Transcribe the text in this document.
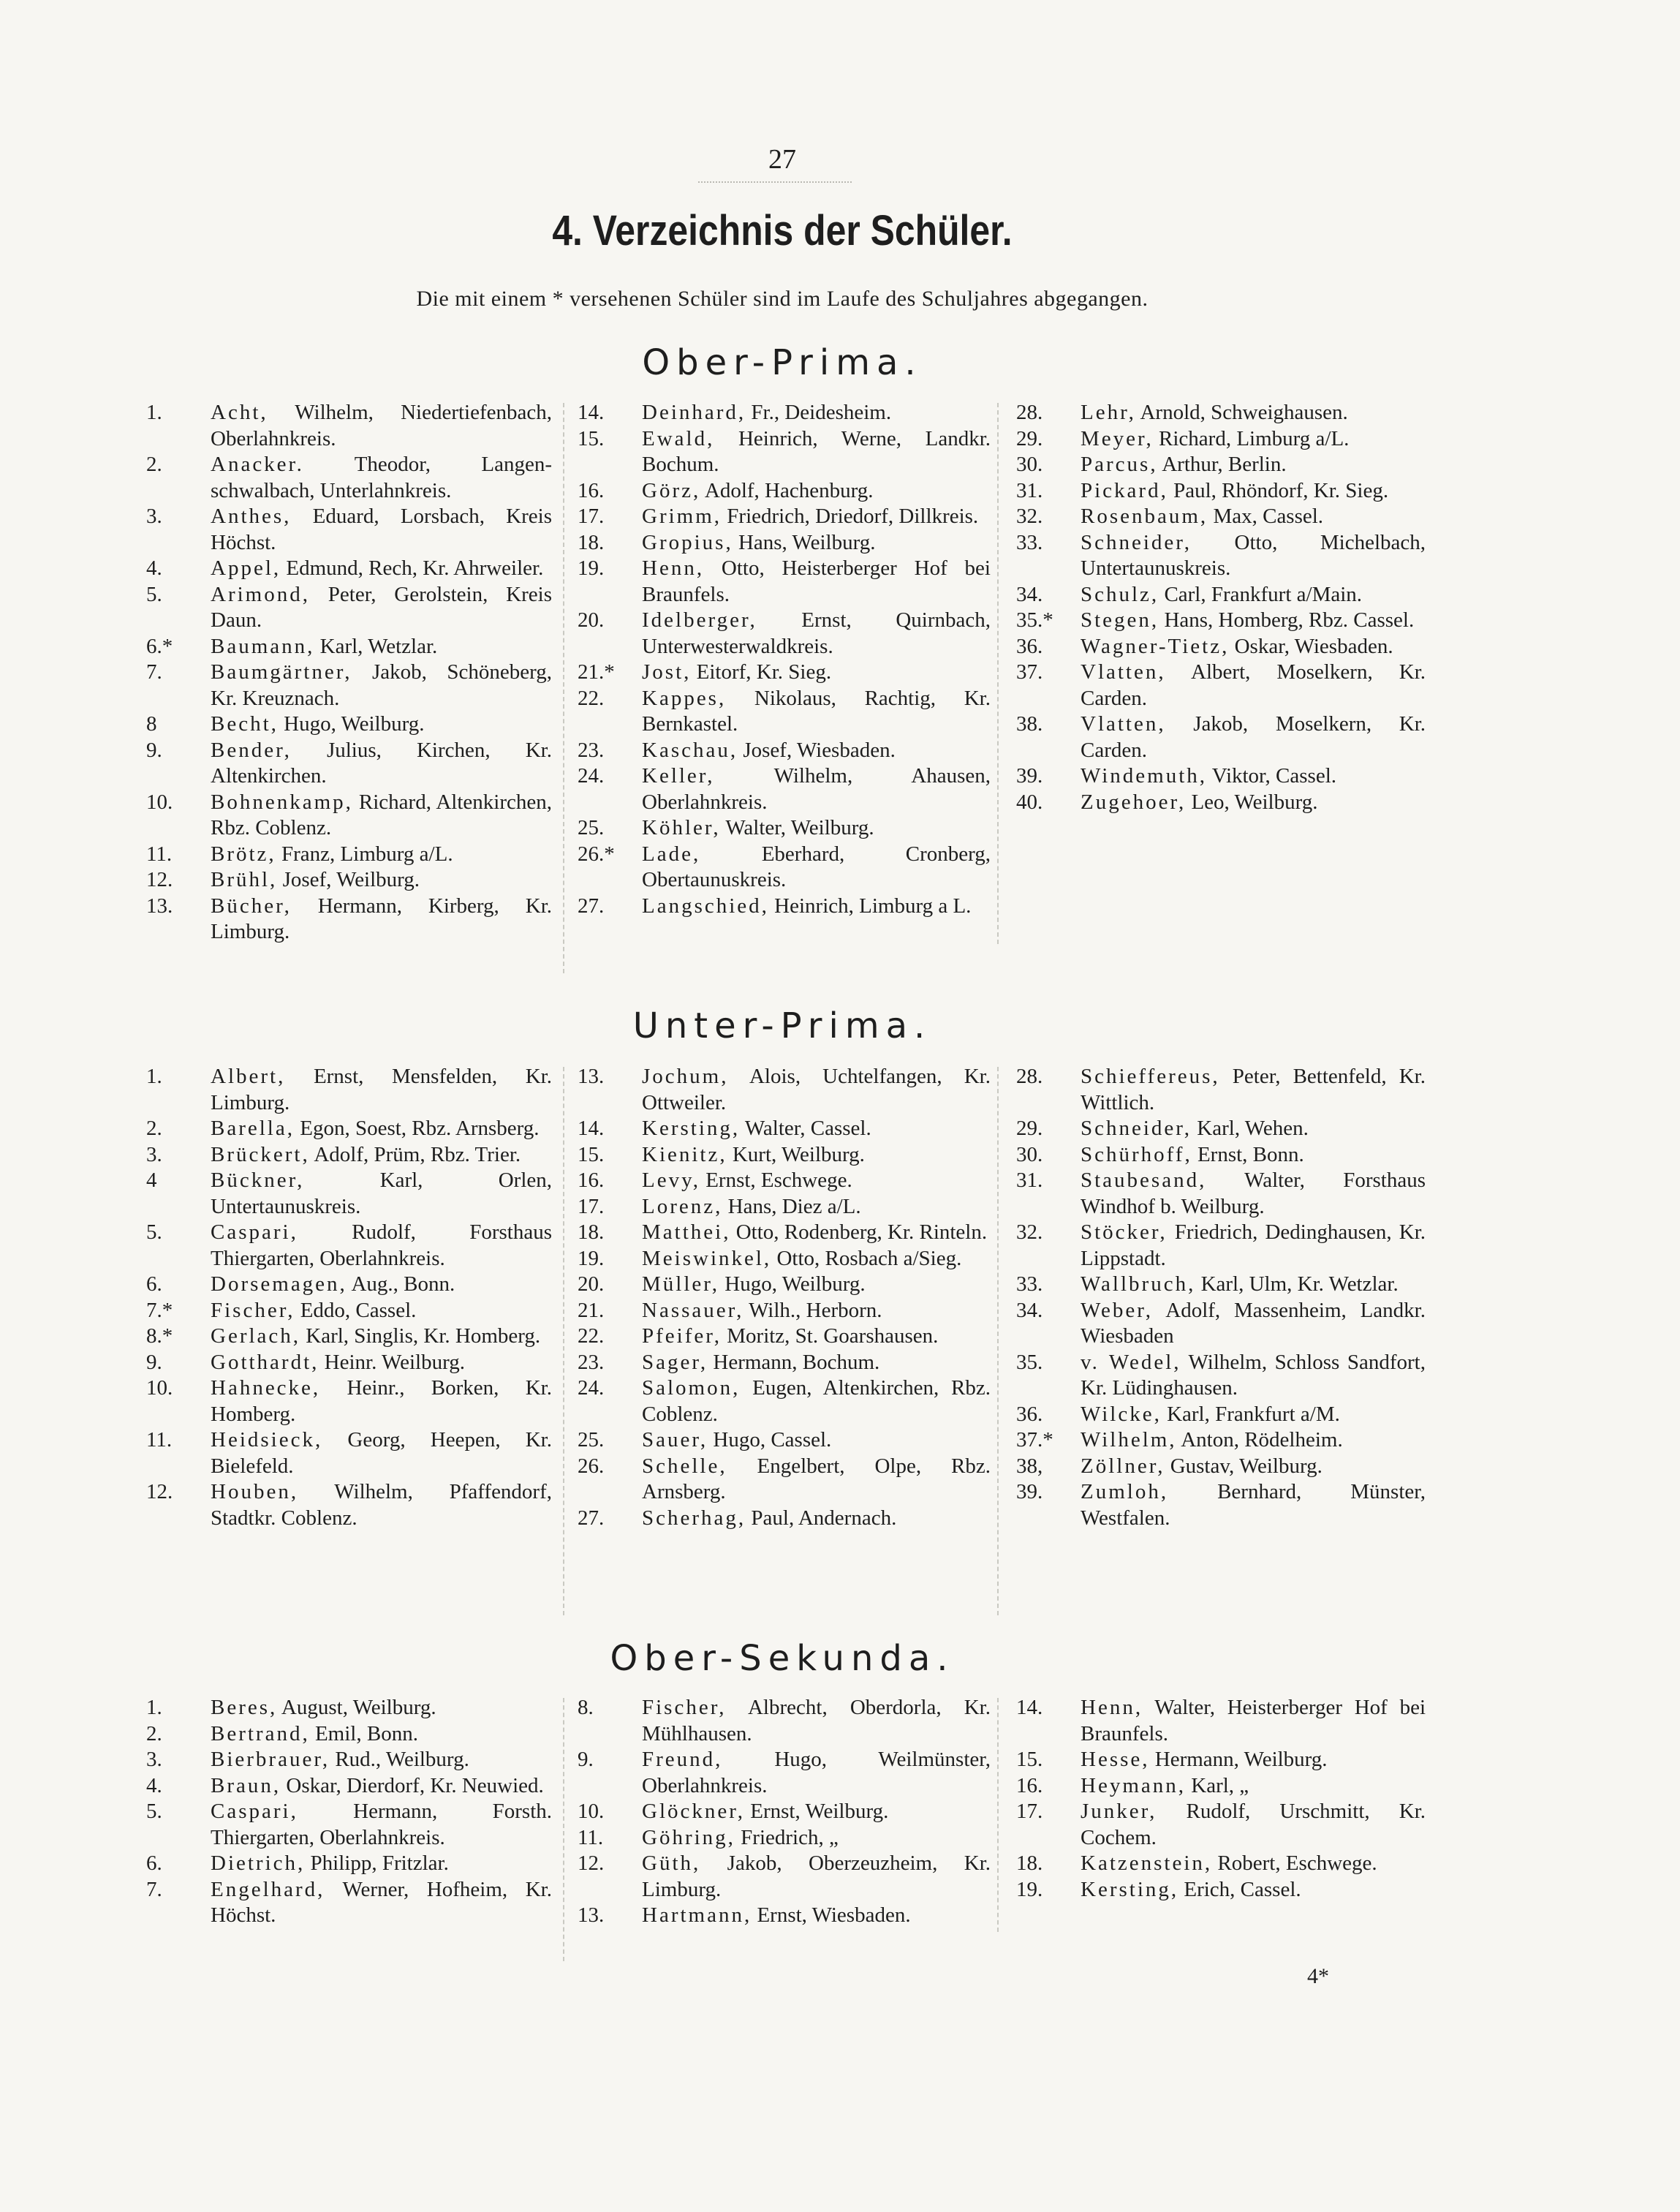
27
4. Verzeichnis der Schüler.
Die mit einem * versehenen Schüler sind im Laufe des Schuljahres abgegangen.
Ober-Prima.
1.	Acht, Wilhelm, Niedertiefenbach, Oberlahnkreis.
2.	Anacker. Theodor, Langenschwalbach, Unterlahnkreis.
3.	Anthes, Eduard, Lorsbach, Kreis Höchst.
4.	Appel, Edmund, Rech, Kr. Ahrweiler.
5.	Arimond, Peter, Gerolstein, Kreis Daun.
6.*	Baumann, Karl, Wetzlar.
7.	Baumgärtner, Jakob, Schöneberg, Kr. Kreuznach.
8	Becht, Hugo, Weilburg.
9.	Bender, Julius, Kirchen, Kr. Altenkirchen.
10.	Bohnenkamp, Richard, Altenkirchen, Rbz. Coblenz.
11.	Brötz, Franz, Limburg a/L.
12.	Brühl, Josef, Weilburg.
13.	Bücher, Hermann, Kirberg, Kr. Limburg.
14.	Deinhard, Fr., Deidesheim.
15.	Ewald, Heinrich, Werne, Landkr. Bochum.
16.	Görz, Adolf, Hachenburg.
17.	Grimm, Friedrich, Driedorf, Dillkreis.
18.	Gropius, Hans, Weilburg.
19.	Henn, Otto, Heisterberger Hof bei Braunfels.
20.	Idelberger, Ernst, Quirnbach, Unterwesterwaldkreis.
21.*	Jost, Eitorf, Kr. Sieg.
22.	Kappes, Nikolaus, Rachtig, Kr. Bernkastel.
23.	Kaschau, Josef, Wiesbaden.
24.	Keller, Wilhelm, Ahausen, Oberlahnkreis.
25.	Köhler, Walter, Weilburg.
26.*	Lade, Eberhard, Cronberg, Obertaunuskreis.
27.	Langschied, Heinrich, Limburg a L.
28.	Lehr, Arnold, Schweighausen.
29.	Meyer, Richard, Limburg a/L.
30.	Parcus, Arthur, Berlin.
31.	Pickard, Paul, Rhöndorf, Kr. Sieg.
32.	Rosenbaum, Max, Cassel.
33.	Schneider, Otto, Michelbach, Untertaunuskreis.
34.	Schulz, Carl, Frankfurt a/Main.
35.*	Stegen, Hans, Homberg, Rbz. Cassel.
36.	Wagner-Tietz, Oskar, Wiesbaden.
37.	Vlatten, Albert, Moselkern, Kr. Carden.
38.	Vlatten, Jakob, Moselkern, Kr. Carden.
39.	Windemuth, Viktor, Cassel.
40.	Zugehoer, Leo, Weilburg.
Unter-Prima.
1.	Albert, Ernst, Mensfelden, Kr. Limburg.
2.	Barella, Egon, Soest, Rbz. Arnsberg.
3.	Brückert, Adolf, Prüm, Rbz. Trier.
4	Bückner, Karl, Orlen, Untertaunuskreis.
5.	Caspari, Rudolf, Forsthaus Thiergarten, Oberlahnkreis.
6.	Dorsemagen, Aug., Bonn.
7.*	Fischer, Eddo, Cassel.
8.*	Gerlach, Karl, Singlis, Kr. Homberg.
9.	Gotthardt, Heinr. Weilburg.
10.	Hahnecke, Heinr., Borken, Kr. Homberg.
11.	Heidsieck, Georg, Heepen, Kr. Bielefeld.
12.	Houben, Wilhelm, Pfaffendorf, Stadtkr. Coblenz.
13.	Jochum, Alois, Uchtelfangen, Kr. Ottweiler.
14.	Kersting, Walter, Cassel.
15.	Kienitz, Kurt, Weilburg.
16.	Levy, Ernst, Eschwege.
17.	Lorenz, Hans, Diez a/L.
18.	Matthei, Otto, Rodenberg, Kr. Rinteln.
19.	Meiswinkel, Otto, Rosbach a/Sieg.
20.	Müller, Hugo, Weilburg.
21.	Nassauer, Wilh., Herborn.
22.	Pfeifer, Moritz, St. Goarshausen.
23.	Sager, Hermann, Bochum.
24.	Salomon, Eugen, Altenkirchen, Rbz. Coblenz.
25.	Sauer, Hugo, Cassel.
26.	Schelle, Engelbert, Olpe, Rbz. Arnsberg.
27.	Scherhag, Paul, Andernach.
28.	Schieffereus, Peter, Bettenfeld, Kr. Wittlich.
29.	Schneider, Karl, Wehen.
30.	Schürhoff, Ernst, Bonn.
31.	Staubesand, Walter, Forsthaus Windhof b. Weilburg.
32.	Stöcker, Friedrich, Dedinghausen, Kr. Lippstadt.
33.	Wallbruch, Karl, Ulm, Kr. Wetzlar.
34.	Weber, Adolf, Massenheim, Landkr. Wiesbaden
35.	v. Wedel, Wilhelm, Schloss Sandfort, Kr. Lüdinghausen.
36.	Wilcke, Karl, Frankfurt a/M.
37.*	Wilhelm, Anton, Rödelheim.
38,	Zöllner, Gustav, Weilburg.
39.	Zumloh, Bernhard, Münster, Westfalen.
Ober-Sekunda.
1.	Beres, August, Weilburg.
2.	Bertrand, Emil, Bonn.
3.	Bierbrauer, Rud., Weilburg.
4.	Braun, Oskar, Dierdorf, Kr. Neuwied.
5.	Caspari, Hermann, Forsth. Thiergarten, Oberlahnkreis.
6.	Dietrich, Philipp, Fritzlar.
7.	Engelhard, Werner, Hofheim, Kr. Höchst.
8.	Fischer, Albrecht, Oberdorla, Kr. Mühlhausen.
9.	Freund, Hugo, Weilmünster, Oberlahnkreis.
10.	Glöckner, Ernst, Weilburg.
11.	Göhring, Friedrich, „
12.	Güth, Jakob, Oberzeuzheim, Kr. Limburg.
13.	Hartmann, Ernst, Wiesbaden.
14.	Henn, Walter, Heisterberger Hof bei Braunfels.
15.	Hesse, Hermann, Weilburg.
16.	Heymann, Karl, „
17.	Junker, Rudolf, Urschmitt, Kr. Cochem.
18.	Katzenstein, Robert, Eschwege.
19.	Kersting, Erich, Cassel.
4*
